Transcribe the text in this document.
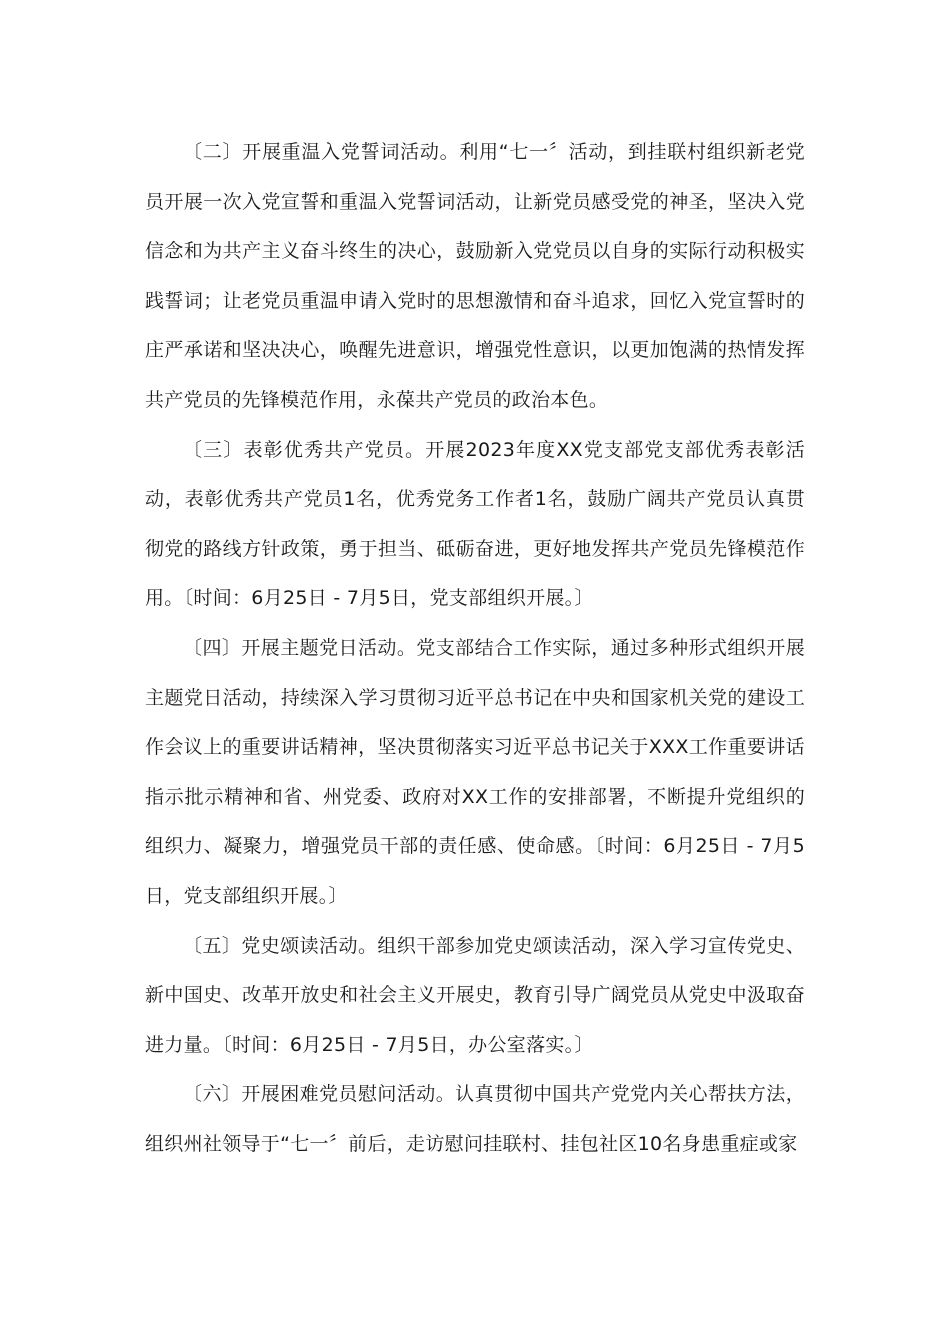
〔二〕开展重温入党誓词活动。利用“七一〞活动，到挂联村组织新老党员开展一次入党宣誓和重温入党誓词活动，让新党员感受党的神圣，坚决入党信念和为共产主义奋斗终生的决心，鼓励新入党党员以自身的实际行动积极实践誓词；让老党员重温申请入党时的思想激情和奋斗追求，回忆入党宣誓时的庄严承诺和坚决决心，唤醒先进意识，增强党性意识，以更加饱满的热情发挥共产党员的先锋模范作用，永葆共产党员的政治本色。

〔三〕表彰优秀共产党员。开展2023年度XX党支部党支部优秀表彰活动，表彰优秀共产党员1名，优秀党务工作者1名，鼓励广阔共产党员认真贯彻党的路线方针政策，勇于担当、砥砺奋进，更好地发挥共产党员先锋模范作用。〔时间：6月25日 - 7月5日，党支部组织开展。〕

〔四〕开展主题党日活动。党支部结合工作实际，通过多种形式组织开展主题党日活动，持续深入学习贯彻习近平总书记在中央和国家机关党的建设工作会议上的重要讲话精神，坚决贯彻落实习近平总书记关于XXX工作重要讲话指示批示精神和省、州党委、政府对XX工作的安排部署，不断提升党组织的组织力、凝聚力，增强党员干部的责任感、使命感。〔时间：6月25日 - 7月5日，党支部组织开展。〕

〔五〕党史颂读活动。组织干部参加党史颂读活动，深入学习宣传党史、新中国史、改革开放史和社会主义开展史，教育引导广阔党员从党史中汲取奋进力量。〔时间：6月25日 - 7月5日，办公室落实。〕

〔六〕开展困难党员慰问活动。认真贯彻中国共产党党内关心帮扶方法，组织州社领导于“七一〞前后，走访慰问挂联村、挂包社区10名身患重症或家
